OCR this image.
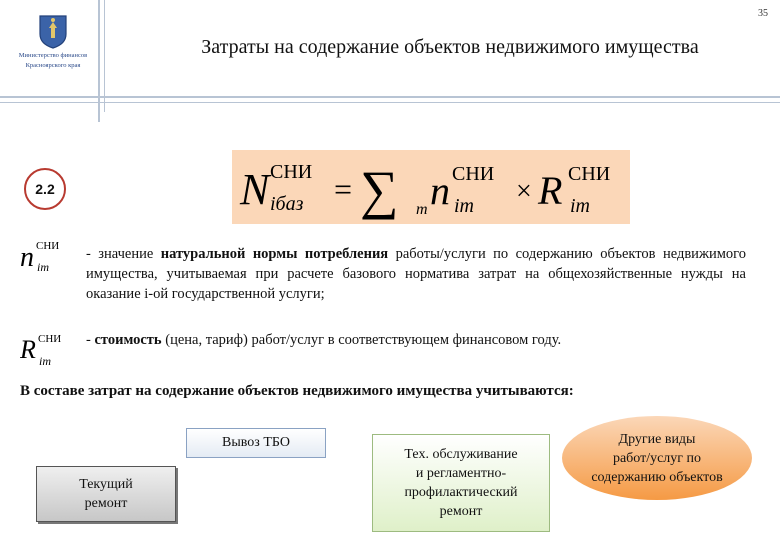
35
Министерство финансов
Красноярского края
Затраты на содержание объектов недвижимого имущества
2.2	N СНИ
iбаз = ∑ m n СНИ
im × R СНИ
im
n СНИ
im
- значение натуральной нормы потребления работы/услуги по содержанию объектов недвижимого имущества, учитываемая при расчете базового норматива затрат на общехозяйственные нужды на оказание i-ой государственной услуги;
R СНИ
im
- стоимость (цена, тариф) работ/услуг в соответствующем финансовом году.
В составе затрат на содержание объектов недвижимого имущества учитываются:
Вывоз ТБО
Текущий
ремонт
Тех. обслуживание
и регламентно-
профилактический
ремонт
Другие виды
работ/услуг по
содержанию объектов
